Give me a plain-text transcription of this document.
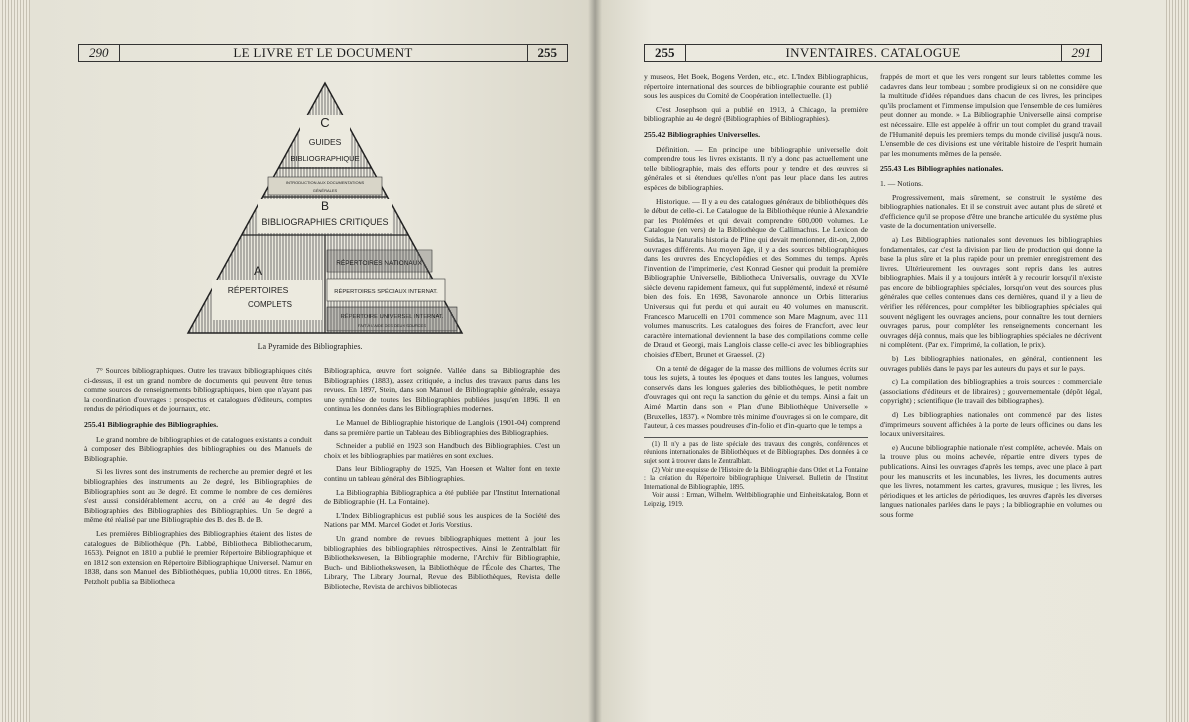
290	LE LIVRE ET LE DOCUMENT	255	255	INVENTAIRES. CATALOGUE	291
C
GUIDES
BIBLIOGRAPHIQUE
INTRODUCTION AUX DOCUMENTATIONS
GÉNÉRALES
B
BIBLIOGRAPHIES CRITIQUES
A
RÉPERTOIRES
COMPLETS
RÉPERTOIRES NATIONAUX
RÉPERTOIRES SPÉCIAUX INTERNAT.
RÉPERTOIRE UNIVERSEL INTERNAT.
FAIT À L'AIDE DES DEUX SOURCES
La Pyramide des Bibliographies.

7° Sources bibliographiques. Outre les travaux bibliographiques cités ci-dessus, il est un grand nombre de documents qui peuvent être tenus comme sources de renseignements bibliographiques, bien que n'ayant pas la coordination d'ouvrages : prospectus et catalogues d'éditeurs, comptes rendus de périodiques et de journaux, etc.

255.41 Bibliographie des Bibliographies.

Le grand nombre de bibliographies et de catalogues existants a conduit à composer des Bibliographies des bibliographies ou des Manuels de Bibliographie.

Si les livres sont des instruments de recherche au premier degré et les bibliographies des instruments au 2e degré, les Bibliographies de Bibliographies sont au 3e degré. Et comme le nombre de ces dernières s'est aussi considérablement accru, on a créé au 4e degré des Bibliographies des Bibliographies des Bibliographies. Un 5e degré a même été réalisé par une Bibliographie des B. des B. de B.

Les premières Bibliographies des Bibliographies étaient des listes de catalogues de Bibliothèque (Ph. Labbé, Bibliotheca Bibliothecarum, 1653). Peignot en 1810 a publié le premier Répertoire Bibliographique et en 1812 son extension en Répertoire Bibliographique Universel. Namur en 1838, dans son Manuel des Bibliothèques, publia 10,000 titres. En 1866, Petzholt publia sa Bibliotheca

Bibliographica, œuvre fort soignée. Vallée dans sa Bibliographie des Bibliographies (1883), assez critiquée, a inclus des travaux parus dans les revues. En 1897, Stein, dans son Manuel de Bibliographie générale, essaya une synthèse de toutes les Bibliographies publiées jusqu'en 1896. Il en continua les données dans les Bibliographies modernes.

Le Manuel de Bibliographie historique de Langlois (1901-04) comprend dans sa première partie un Tableau des Bibliographies des Bibliographies.

Schneider a publié en 1923 son Handbuch des Bibliographies. C'est un choix et les bibliographies par matières en sont exclues.

Dans leur Bibliography de 1925, Van Hoesen et Walter font en texte continu un tableau général des Bibliographies.

La Bibliographia Bibliographica a été publiée par l'Institut International de Bibliographie (H. La Fontaine).

L'Index Bibliographicus est publié sous les auspices de la Société des Nations par MM. Marcel Godet et Joris Vorstius.

Un grand nombre de revues bibliographiques mettent à jour les bibliographies des bibliographies rétrospectives. Ainsi le Zentralblatt für Bibliothekswesen, la Bibliographie moderne, l'Archiv für Bibliographie, Buch- und Bibliothekswesen, la Bibliothèque de l'École des Chartes, The Library, The Library Journal, Revue des Bibliothèques, Revista delle Biblioteche, Revista de archivos bibliotecas

y museos, Het Boek, Bogens Verden, etc., etc. L'Index Bibliographicus, répertoire international des sources de bibliographie courante est publié sous les auspices du Comité de Coopération intellectuelle. (1)

C'est Josephson qui a publié en 1913, à Chicago, la première bibliographie au 4e degré (Bibliographies of Bibliographies).

255.42 Bibliographies Universelles.

Définition. — En principe une bibliographie universelle doit comprendre tous les livres existants. Il n'y a donc pas actuellement une telle bibliographie, mais des efforts pour y tendre et des œuvres si générales et si étendues qu'elles n'ont pas leur place dans les autres espèces de bibliographies.

Historique. — Il y a eu des catalogues généraux de bibliothèques dès le début de celle-ci. Le Catalogue de la Bibliothèque réunie à Alexandrie par les Ptolémées et qui devait comprendre 600,000 volumes. Le Catalogue (en vers) de la Bibliothèque de Callimachus. Le Lexicon de Suidas, la Naturalis historia de Pline qui devait mentionner, dit-on, 2,000 ouvrages différents. Au moyen âge, il y a des sources bibliographiques dans les œuvres des Encyclopédies et des Sommes du temps. Après l'invention de l'imprimerie, c'est Konrad Gesner qui produit la première Bibliographie Universelle, Bibliotheca Universalis, ouvrage du XVIe siècle devenu rapidement fameux, qui fut supplémenté, indexé et résumé bien des fois. En 1698, Savonarole annonce un Orbis litterarius Universus qui fut perdu et qui aurait eu 40 volumes en manuscrit. Francesco Marucelli en 1701 commence son Mare Magnum, avec 111 volumes manuscrits. Les catalogues des foires de Francfort, avec leur caractère international deviennent la base des compilations comme celle de Draud et Georgi, mais Langlois classe celle-ci avec les bibliographies choisies d'Ebert, Brunet et Graessel. (2)

On a tenté de dégager de la masse des millions de volumes écrits sur tous les sujets, à toutes les époques et dans toutes les langues, volumes conservés dans les longues galeries des bibliothèques, le petit nombre d'ouvrages qui ont reçu la sanction du génie et du temps. Ainsi a fait un Aimé Martin dans son « Plan d'une Bibliothèque Universelle » (Bruxelles, 1837). « Nombre très minime d'ouvrages si on le compare, dit l'auteur, à ces masses poudreuses d'in-folio et d'in-quarto que le temps a

(1) Il n'y a pas de liste spéciale des travaux des congrès, conférences et réunions internationales de Bibliothèques et de Bibliographes. Des données à ce sujet sont à trouver dans le Zentralblatt.

(2) Voir une esquisse de l'Histoire de la Bibliographie dans Otlet et La Fontaine : la création du Répertoire bibliographique Universel. Bulletin de l'Institut International de Bibliographie, 1895.

Voir aussi : Erman, Wilhelm. Weltbibliographie und Einheitskatalog, Bonn et Leipzig, 1919.

frappés de mort et que les vers rongent sur leurs tablettes comme les cadavres dans leur tombeau ; sombre prodigieux si on ne considère que la multitude d'idées répandues dans chacun de ces livres, les principes qu'ils proclament et l'immense impulsion que l'ensemble de ces lumières peut donner au monde. » La Bibliographie Universelle ainsi comprise est nécessaire. Elle est appelée à offrir un tout complet du grand travail de l'Humanité depuis les premiers temps du monde civilisé jusqu'à nous. L'ensemble de ces divisions est une véritable histoire de l'esprit humain par les monuments mêmes de la pensée.

255.43 Les Bibliographies nationales.

1. — Notions.

Progressivement, mais sûrement, se construit le système des bibliographies nationales. Et il se construit avec autant plus de sûreté et d'efficience qu'il se propose d'être une branche articulée du système plus vaste de la documentation universelle.

a) Les Bibliographies nationales sont devenues les bibliographies fondamentales, car c'est la division par lieu de production qui donne la base la plus sûre et la plus rapide pour un premier enregistrement des livres. Ultérieurement les ouvrages sont repris dans les autres bibliographies. Mais il y a toujours intérêt à y recourir lorsqu'il n'existe pas encore de bibliographies spéciales, lorsqu'on veut des sources plus générales que celles contenues dans ces dernières, quand il y a lieu de vérifier les références, pour compléter les bibliographies spéciales qui souvent négligent les ouvrages anciens, pour connaître les tout derniers ouvrages parus, pour compléter les renseignements concernant les ouvrages déjà connus, mais que les bibliographies spéciales ne décrivent ni complètent. (Par ex. l'imprimé, la collation, le prix).

b) Les bibliographies nationales, en général, contiennent les ouvrages publiés dans le pays par les auteurs du pays et sur le pays.

c) La compilation des bibliographies a trois sources : commerciale (associations d'éditeurs et de libraires) ; gouvernementale (dépôt légal, copyright) ; scientifique (le travail des bibliographes).

d) Les bibliographies nationales ont commencé par des listes d'imprimeurs souvent affichées à la porte de leurs officines ou dans les locaux universitaires.

e) Aucune bibliographie nationale n'est complète, achevée. Mais on la trouve plus ou moins achevée, répartie entre divers types de publications. Ainsi les ouvrages d'après les temps, avec une place à part pour les manuscrits et les incunables, les livres, les documents autres que les livres, notamment les cartes, gravures, musique ; les livres, les périodiques et les articles de périodiques, les œuvres d'après les diverses langues nationales parlées dans le pays ; la bibliographie en volumes ou sous forme
